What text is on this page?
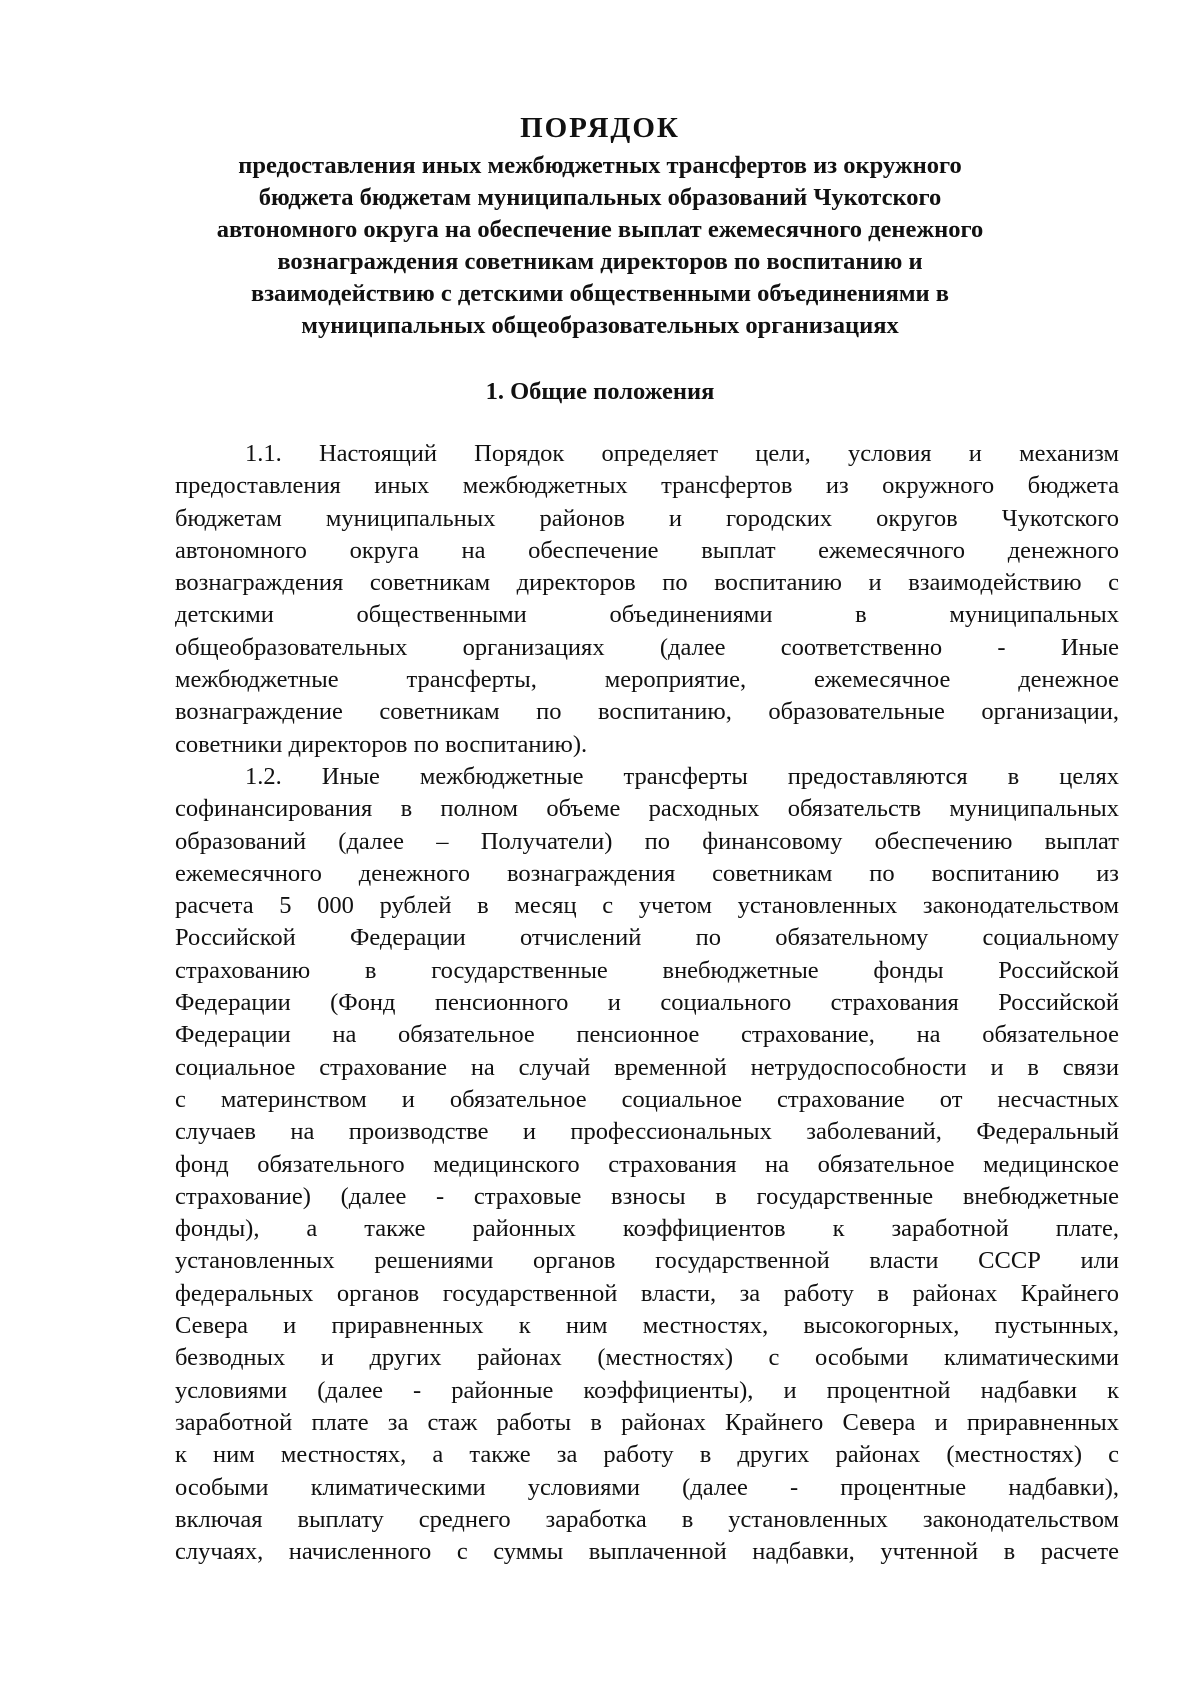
ПОРЯДОК
предоставления иных межбюджетных трансфертов из окружного
бюджета бюджетам муниципальных образований Чукотского
автономного округа на обеспечение выплат ежемесячного денежного
вознаграждения советникам директоров по воспитанию и
взаимодействию с детскими общественными объединениями в
муниципальных общеобразовательных организациях
1. Общие положения
1.1. Настоящий Порядок определяет цели, условия и механизм
предоставления иных межбюджетных трансфертов из окружного бюджета
бюджетам муниципальных районов и городских округов Чукотского
автономного округа на обеспечение выплат ежемесячного денежного
вознаграждения советникам директоров по воспитанию и взаимодействию с
детскими общественными объединениями в муниципальных
общеобразовательных организациях (далее соответственно - Иные
межбюджетные трансферты, мероприятие, ежемесячное денежное
вознаграждение советникам по воспитанию, образовательные организации,
советники директоров по воспитанию).
1.2. Иные межбюджетные трансферты предоставляются в целях
софинансирования в полном объеме расходных обязательств муниципальных
образований (далее – Получатели) по финансовому обеспечению выплат
ежемесячного денежного вознаграждения советникам по воспитанию из
расчета 5 000 рублей в месяц с учетом установленных законодательством
Российской Федерации отчислений по обязательному социальному
страхованию в государственные внебюджетные фонды Российской
Федерации (Фонд пенсионного и социального страхования Российской
Федерации на обязательное пенсионное страхование, на обязательное
социальное страхование на случай временной нетрудоспособности и в связи
с материнством и обязательное социальное страхование от несчастных
случаев на производстве и профессиональных заболеваний, Федеральный
фонд обязательного медицинского страхования на обязательное медицинское
страхование) (далее - страховые взносы в государственные внебюджетные
фонды), а также районных коэффициентов к заработной плате,
установленных решениями органов государственной власти СССР или
федеральных органов государственной власти, за работу в районах Крайнего
Севера и приравненных к ним местностях, высокогорных, пустынных,
безводных и других районах (местностях) с особыми климатическими
условиями (далее - районные коэффициенты), и процентной надбавки к
заработной плате за стаж работы в районах Крайнего Севера и приравненных
к ним местностях, а также за работу в других районах (местностях) с
особыми климатическими условиями (далее - процентные надбавки),
включая выплату среднего заработка в установленных законодательством
случаях, начисленного с суммы выплаченной надбавки, учтенной в расчете
